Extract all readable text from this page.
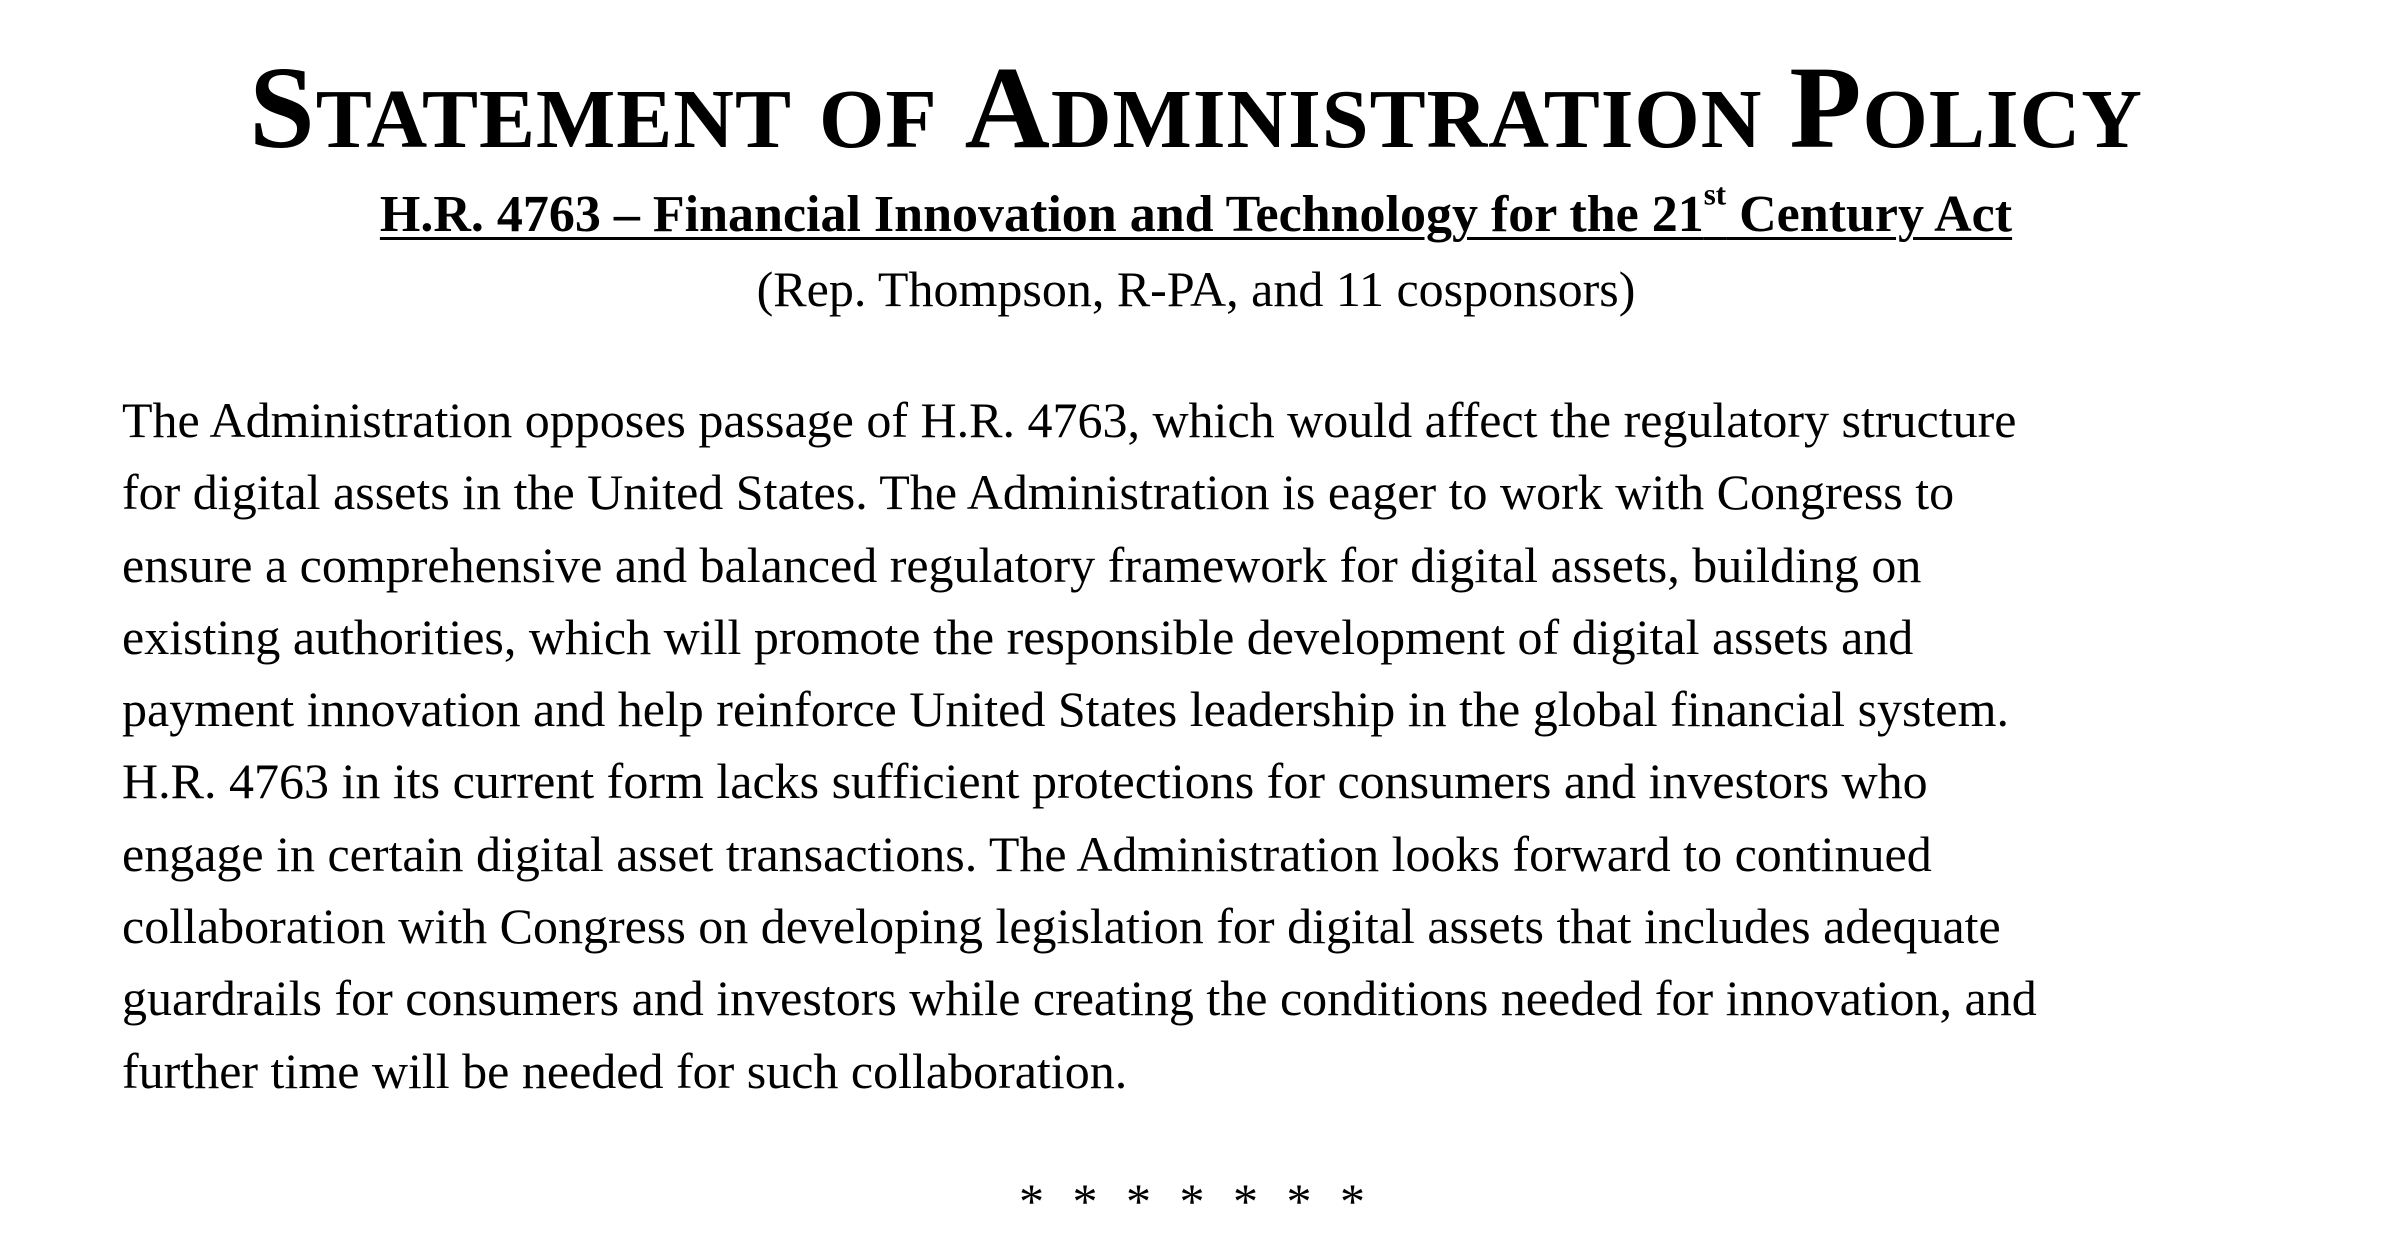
STATEMENT OF ADMINISTRATION POLICY
H.R. 4763 – Financial Innovation and Technology for the 21st Century Act
(Rep. Thompson, R-PA, and 11 cosponsors)
The Administration opposes passage of H.R. 4763, which would affect the regulatory structure
for digital assets in the United States. The Administration is eager to work with Congress to
ensure a comprehensive and balanced regulatory framework for digital assets, building on
existing authorities, which will promote the responsible development of digital assets and
payment innovation and help reinforce United States leadership in the global financial system.
H.R. 4763 in its current form lacks sufficient protections for consumers and investors who
engage in certain digital asset transactions. The Administration looks forward to continued
collaboration with Congress on developing legislation for digital assets that includes adequate
guardrails for consumers and investors while creating the conditions needed for innovation, and
further time will be needed for such collaboration.
* * * * * * *
